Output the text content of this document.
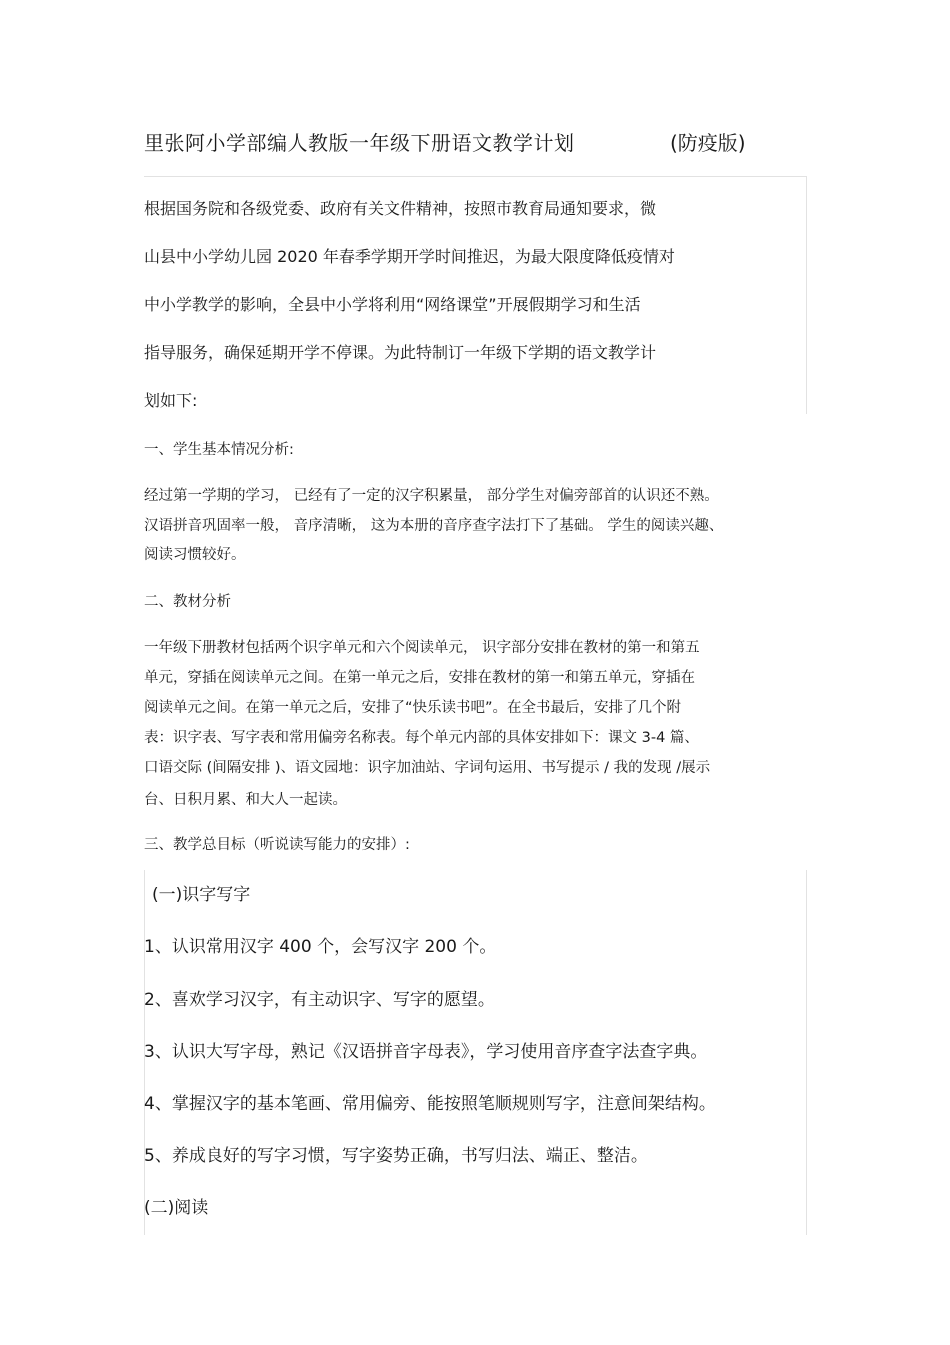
里张阿小学部编人教版一年级下册语文教学计划	(防疫版)
根据国务院和各级党委、政府有关文件精神，按照市教育局通知要求，微
山县中小学幼儿园 2020 年春季学期开学时间推迟，为最大限度降低疫情对
中小学教学的影响，全县中小学将利用“网络课堂”开展假期学习和生活
指导服务，确保延期开学不停课。为此特制订一年级下学期的语文教学计
划如下:
一、学生基本情况分析:
经过第一学期的学习， 已经有了一定的汉字积累量， 部分学生对偏旁部首的认识还不熟。
汉语拼音巩固率一般， 音序清晰， 这为本册的音序查字法打下了基础。 学生的阅读兴趣、
阅读习惯较好。
二、教材分析
一年级下册教材包括两个识字单元和六个阅读单元， 识字部分安排在教材的第一和第五
单元，穿插在阅读单元之间。在第一单元之后，安排在教材的第一和第五单元，穿插在
阅读单元之间。在第一单元之后，安排了“快乐读书吧”。在全书最后，安排了几个附
表：识字表、写字表和常用偏旁名称表。每个单元内部的具体安排如下：课文 3-4 篇、
口语交际 (间隔安排 )、语文园地：识字加油站、字词句运用、书写提示 / 我的发现 /展示
台、日积月累、和大人一起读。
三、教学总目标（听说读写能力的安排）:
(一)识字写字
1、认识常用汉字 400 个，会写汉字 200 个。
2、喜欢学习汉字，有主动识字、写字的愿望。
3、认识大写字母，熟记《汉语拼音字母表》，学习使用音序查字法查字典。
4、掌握汉字的基本笔画、常用偏旁、能按照笔顺规则写字，注意间架结构。
5、养成良好的写字习惯，写字姿势正确，书写归法、端正、整洁。
(二)阅读
